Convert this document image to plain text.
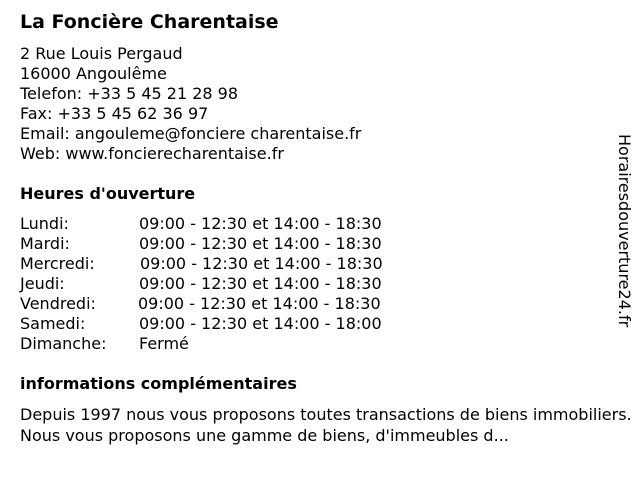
La Foncière Charentaise
2 Rue Louis Pergaud
16000 Angoulême
Telefon: +33 5 45 21 28 98
Fax: +33 5 45 62 36 97
Email: angouleme@fonciere charentaise.fr
Web: www.foncierecharentaise.fr
Heures d'ouverture
Lundi:	09:00 - 12:30 et 14:00 - 18:30
Mardi:	09:00 - 12:30 et 14:00 - 18:30
Mercredi:	09:00 - 12:30 et 14:00 - 18:30
Jeudi:	09:00 - 12:30 et 14:00 - 18:30
Vendredi:	09:00 - 12:30 et 14:00 - 18:30
Samedi:	09:00 - 12:30 et 14:00 - 18:00
Dimanche: Fermé
informations complémentaires
Depuis 1997 nous vous proposons toutes transactions de biens immobiliers. Nous vous proposons une gamme de biens, d'immeubles d...
Horairesdouverture24.fr
